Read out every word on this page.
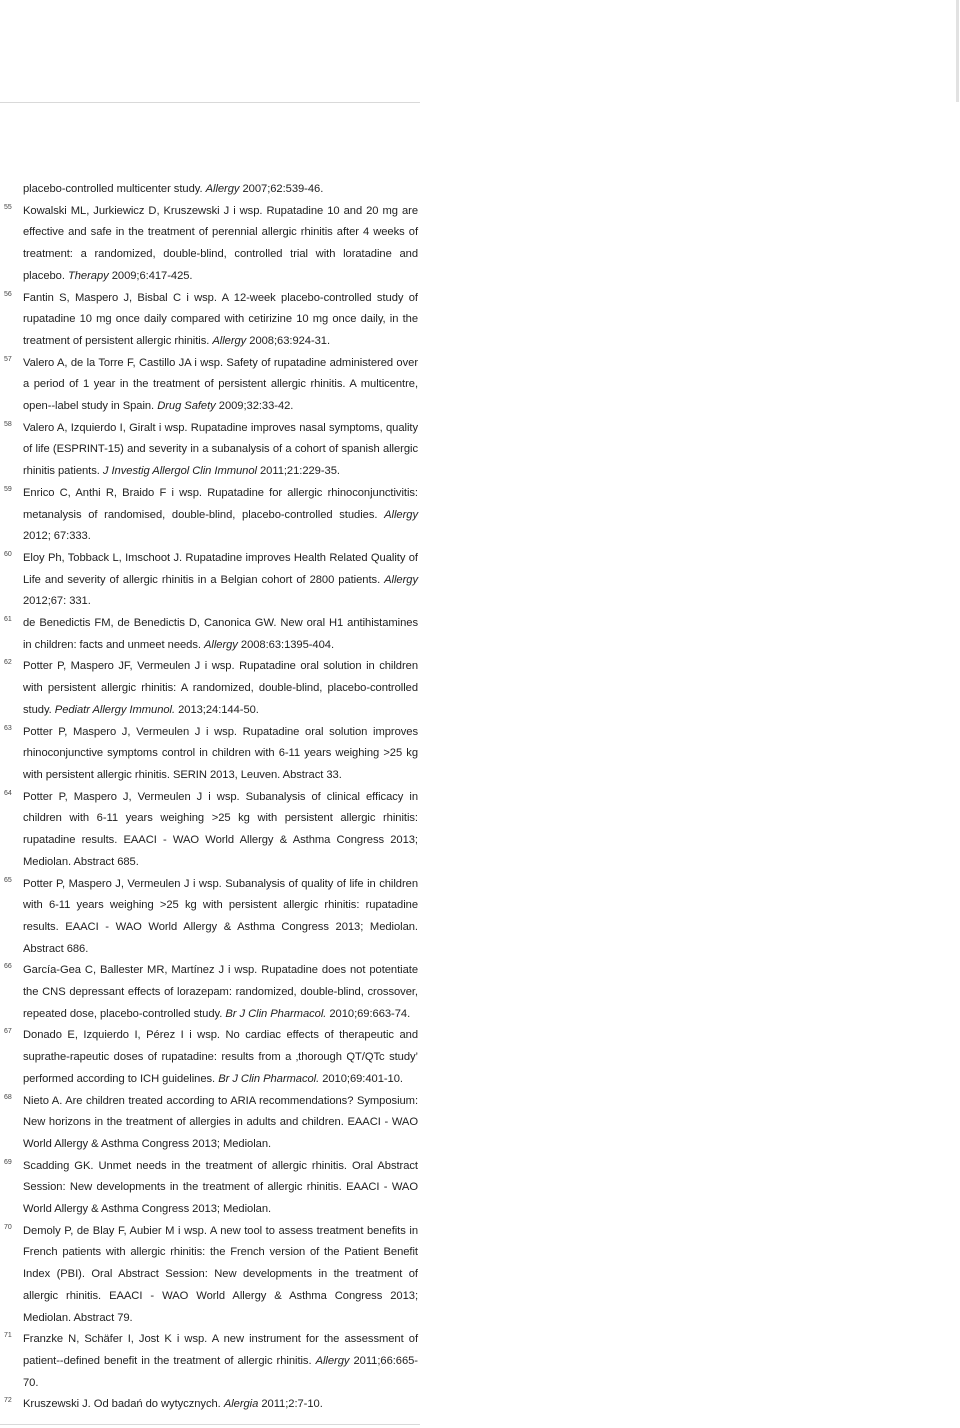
placebo-controlled multicenter study. Allergy 2007;62:539-46.
55 Kowalski ML, Jurkiewicz D, Kruszewski J i wsp. Rupatadine 10 and 20 mg are effective and safe in the treatment of perennial allergic rhinitis after 4 weeks of treatment: a randomized, double-blind, controlled trial with loratadine and placebo. Therapy 2009;6:417-425.
56 Fantin S, Maspero J, Bisbal C i wsp. A 12-week placebo-controlled study of rupatadine 10 mg once daily compared with cetirizine 10 mg once daily, in the treatment of persistent allergic rhinitis. Allergy 2008;63:924-31.
57 Valero A, de la Torre F, Castillo JA i wsp. Safety of rupatadine administered over a period of 1 year in the treatment of persistent allergic rhinitis. A multicentre, open--label study in Spain. Drug Safety 2009;32:33-42.
58 Valero A, Izquierdo I, Giralt i wsp. Rupatadine improves nasal symptoms, quality of life (ESPRINT-15) and severity in a subanalysis of a cohort of spanish allergic rhinitis patients. J Investig Allergol Clin Immunol 2011;21:229-35.
59 Enrico C, Anthi R, Braido F i wsp. Rupatadine for allergic rhinoconjunctivitis: metanalysis of randomised, double-blind, placebo-controlled studies. Allergy 2012; 67:333.
60 Eloy Ph, Tobback L, Imschoot J. Rupatadine improves Health Related Quality of Life and severity of allergic rhinitis in a Belgian cohort of 2800 patients. Allergy 2012;67: 331.
61 de Benedictis FM, de Benedictis D, Canonica GW. New oral H1 antihistamines in children: facts and unmeet needs. Allergy 2008:63:1395-404.
62 Potter P, Maspero JF, Vermeulen J i wsp. Rupatadine oral solution in children with persistent allergic rhinitis: A randomized, double-blind, placebo-controlled study. Pediatr Allergy Immunol. 2013;24:144-50.
63 Potter P, Maspero J, Vermeulen J i wsp. Rupatadine oral solution improves rhinoconjunctive symptoms control in children with 6-11 years weighing >25 kg with persistent allergic rhinitis. SERIN 2013, Leuven. Abstract 33.
64 Potter P, Maspero J, Vermeulen J i wsp. Subanalysis of clinical efficacy in children with 6-11 years weighing >25 kg with persistent allergic rhinitis: rupatadine results. EAACI - WAO World Allergy & Asthma Congress 2013; Mediolan. Abstract 685.
65 Potter P, Maspero J, Vermeulen J i wsp. Subanalysis of quality of life in children with 6-11 years weighing >25 kg with persistent allergic rhinitis: rupatadine results. EAACI - WAO World Allergy & Asthma Congress 2013; Mediolan. Abstract 686.
66 García-Gea C, Ballester MR, Martínez J i wsp. Rupatadine does not potentiate the CNS depressant effects of lorazepam: randomized, double-blind, crossover, repeated dose, placebo-controlled study. Br J Clin Pharmacol. 2010;69:663-74.
67 Donado E, Izquierdo I, Pérez I i wsp. No cardiac effects of therapeutic and suprathe-rapeutic doses of rupatadine: results from a ‚thorough QT/QTc study’ performed according to ICH guidelines. Br J Clin Pharmacol. 2010;69:401-10.
68 Nieto A. Are children treated according to ARIA recommendations? Symposium: New horizons in the treatment of allergies in adults and children. EAACI - WAO World Allergy & Asthma Congress 2013; Mediolan.
69 Scadding GK. Unmet needs in the treatment of allergic rhinitis. Oral Abstract Session: New developments in the treatment of allergic rhinitis. EAACI - WAO World Allergy & Asthma Congress 2013; Mediolan.
70 Demoly P, de Blay F, Aubier M i wsp. A new tool to assess treatment benefits in French patients with allergic rhinitis: the French version of the Patient Benefit Index (PBI). Oral Abstract Session: New developments in the treatment of allergic rhinitis. EAACI - WAO World Allergy & Asthma Congress 2013; Mediolan. Abstract 79.
71 Franzke N, Schäfer I, Jost K i wsp. A new instrument for the assessment of patient--defined benefit in the treatment of allergic rhinitis. Allergy 2011;66:665-70.
72 Kruszewski J. Od badań do wytycznych. Alergia 2011;2:7-10.
